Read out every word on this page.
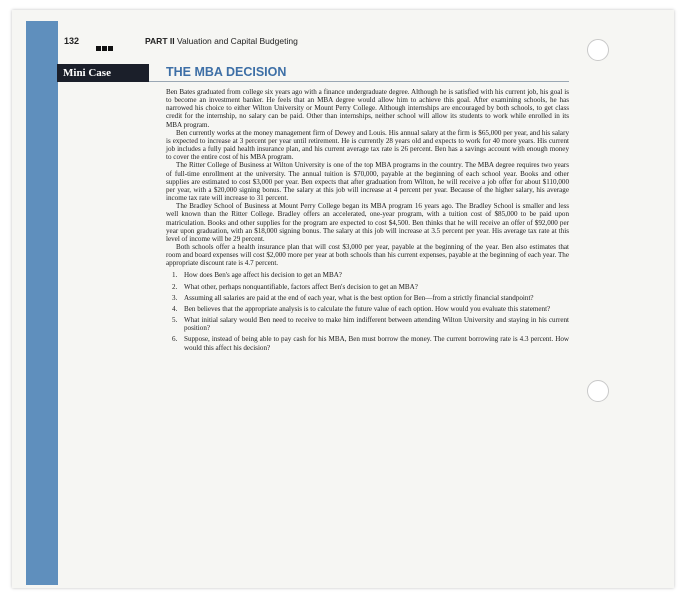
132	PART II Valuation and Capital Budgeting
Mini Case	THE MBA DECISION

Ben Bates graduated from college six years ago with a finance undergraduate degree. Although he is satisfied with his current job, his goal is to become an investment banker. He feels that an MBA degree would allow him to achieve this goal. After examining schools, he has narrowed his choice to either Wilton University or Mount Perry College. Although internships are encouraged by both schools, to get class credit for the internship, no salary can be paid. Other than internships, neither school will allow its students to work while enrolled in its MBA program.

Ben currently works at the money management firm of Dewey and Louis. His annual salary at the firm is $65,000 per year, and his salary is expected to increase at 3 percent per year until retirement. He is currently 28 years old and expects to work for 40 more years. His current job includes a fully paid health insurance plan, and his current average tax rate is 26 percent. Ben has a savings account with enough money to cover the entire cost of his MBA program.

The Ritter College of Business at Wilton University is one of the top MBA programs in the country. The MBA degree requires two years of full-time enrollment at the university. The annual tuition is $70,000, payable at the beginning of each school year. Books and other supplies are estimated to cost $3,000 per year. Ben expects that after graduation from Wilton, he will receive a job offer for about $110,000 per year, with a $20,000 signing bonus. The salary at this job will increase at 4 percent per year. Because of the higher salary, his average income tax rate will increase to 31 percent.

The Bradley School of Business at Mount Perry College began its MBA program 16 years ago. The Bradley School is smaller and less well known than the Ritter College. Bradley offers an accelerated, one-year program, with a tuition cost of $85,000 to be paid upon matriculation. Books and other supplies for the program are expected to cost $4,500. Ben thinks that he will receive an offer of $92,000 per year upon graduation, with an $18,000 signing bonus. The salary at this job will increase at 3.5 percent per year. His average tax rate at this level of income will be 29 percent.

Both schools offer a health insurance plan that will cost $3,000 per year, payable at the beginning of the year. Ben also estimates that room and board expenses will cost $2,000 more per year at both schools than his current expenses, payable at the beginning of each year. The appropriate discount rate is 4.7 percent.

1. How does Ben's age affect his decision to get an MBA?
2. What other, perhaps nonquantifiable, factors affect Ben's decision to get an MBA?
3. Assuming all salaries are paid at the end of each year, what is the best option for Ben—from a strictly financial standpoint?
4. Ben believes that the appropriate analysis is to calculate the future value of each option. How would you evaluate this statement?
5. What initial salary would Ben need to receive to make him indifferent between attending Wilton University and staying in his current position?
6. Suppose, instead of being able to pay cash for his MBA, Ben must borrow the money. The current borrowing rate is 4.3 percent. How would this affect his decision?
